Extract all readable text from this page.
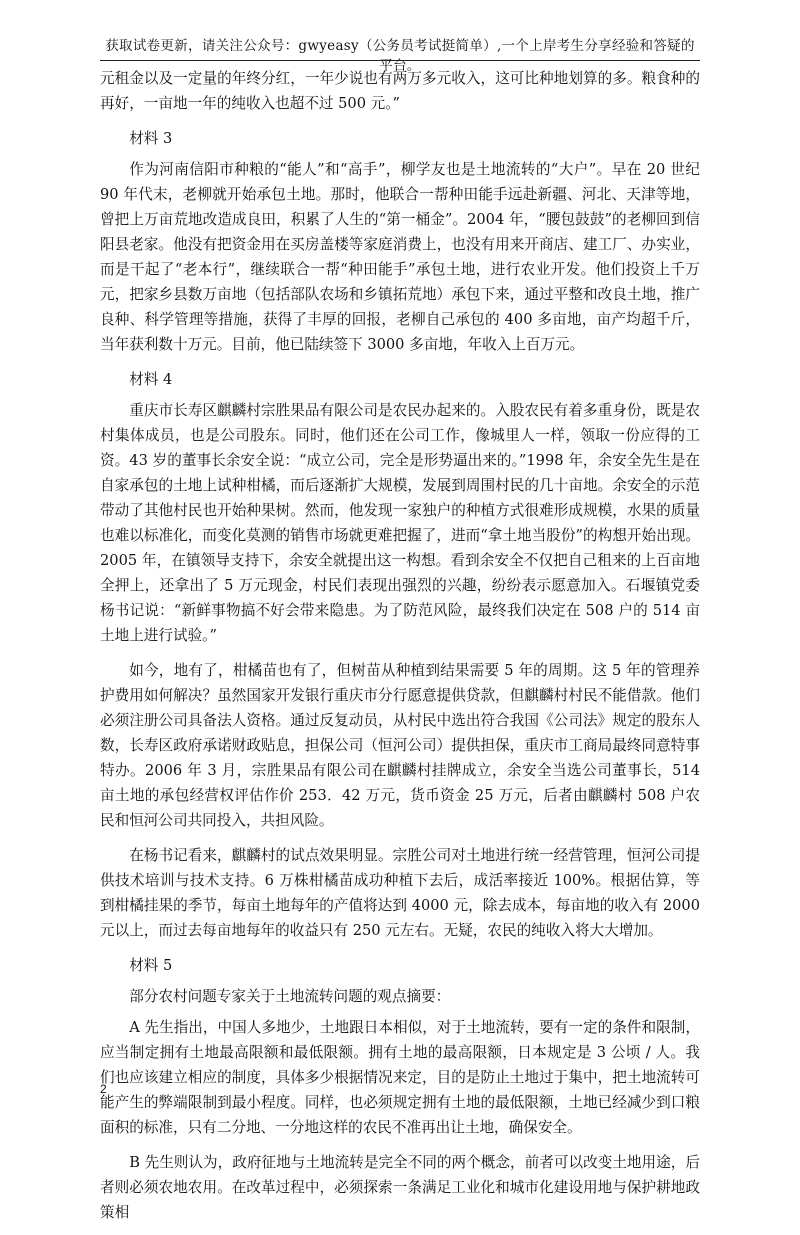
获取试卷更新，请关注公众号：gwyeasy（公务员考试挺简单）,一个上岸考生分享经验和答疑的平台。

元租金以及一定量的年终分红，一年少说也有两万多元收入，这可比种地划算的多。粮食种的再好，一亩地一年的纯收入也超不过 500 元。”

材料 3

作为河南信阳市种粮的“能人”和“高手”，柳学友也是土地流转的“大户”。早在 20 世纪 90 年代末，老柳就开始承包土地。那时，他联合一帮种田能手远赴新疆、河北、天津等地，曾把上万亩荒地改造成良田，积累了人生的“第一桶金”。2004 年，“腰包鼓鼓”的老柳回到信阳县老家。他没有把资金用在买房盖楼等家庭消费上，也没有用来开商店、建工厂、办实业，而是干起了“老本行”，继续联合一帮“种田能手”承包土地，进行农业开发。他们投资上千万元，把家乡县数万亩地（包括部队农场和乡镇拓荒地）承包下来，通过平整和改良土地，推广良种、科学管理等措施，获得了丰厚的回报，老柳自己承包的 400 多亩地，亩产均超千斤，当年获利数十万元。目前，他已陆续签下 3000 多亩地，年收入上百万元。

材料 4

重庆市长寿区麒麟村宗胜果品有限公司是农民办起来的。入股农民有着多重身份，既是农村集体成员，也是公司股东。同时，他们还在公司工作，像城里人一样，领取一份应得的工资。43 岁的董事长余安全说：“成立公司，完全是形势逼出来的。”1998 年，余安全先生是在自家承包的土地上试种柑橘，而后逐渐扩大规模，发展到周围村民的几十亩地。余安全的示范带动了其他村民也开始种果树。然而，他发现一家独户的种植方式很难形成规模，水果的质量也难以标准化，而变化莫测的销售市场就更难把握了，进而“拿土地当股份”的构想开始出现。2005 年，在镇领导支持下，余安全就提出这一构想。看到余安全不仅把自己租来的上百亩地全押上，还拿出了 5 万元现金，村民们表现出强烈的兴趣，纷纷表示愿意加入。石堰镇党委杨书记说：“新鲜事物搞不好会带来隐患。为了防范风险，最终我们决定在 508 户的 514 亩土地上进行试验。”

如今，地有了，柑橘苗也有了，但树苗从种植到结果需要 5 年的周期。这 5 年的管理养护费用如何解决？虽然国家开发银行重庆市分行愿意提供贷款，但麒麟村村民不能借款。他们必须注册公司具备法人资格。通过反复动员，从村民中选出符合我国《公司法》规定的股东人数，长寿区政府承诺财政贴息，担保公司（恒河公司）提供担保，重庆市工商局最终同意特事特办。2006 年 3 月，宗胜果品有限公司在麒麟村挂牌成立，余安全当选公司董事长，514 亩土地的承包经营权评估作价 253．42 万元，货币资金 25 万元，后者由麒麟村 508 户农民和恒河公司共同投入，共担风险。

在杨书记看来，麒麟村的试点效果明显。宗胜公司对土地进行统一经营管理，恒河公司提供技术培训与技术支持。6 万株柑橘苗成功种植下去后，成活率接近 100%。根据估算，等到柑橘挂果的季节，每亩土地每年的产值将达到 4000 元，除去成本，每亩地的收入有 2000 元以上，而过去每亩地每年的收益只有 250 元左右。无疑，农民的纯收入将大大增加。

材料 5

部分农村问题专家关于土地流转问题的观点摘要：

A 先生指出，中国人多地少，土地跟日本相似，对于土地流转，要有一定的条件和限制，应当制定拥有土地最高限额和最低限额。拥有土地的最高限额，日本规定是 3 公顷 / 人。我们也应该建立相应的制度，具体多少根据情况来定，目的是防止土地过于集中，把土地流转可能产生的弊端限制到最小程度。同样，也必须规定拥有土地的最低限额，土地已经减少到口粮面积的标准，只有二分地、一分地这样的农民不准再出让土地，确保安全。

B 先生则认为，政府征地与土地流转是完全不同的两个概念，前者可以改变土地用途，后者则必须农地农用。在改革过程中，必须探索一条满足工业化和城市化建设用地与保护耕地政策相

2
